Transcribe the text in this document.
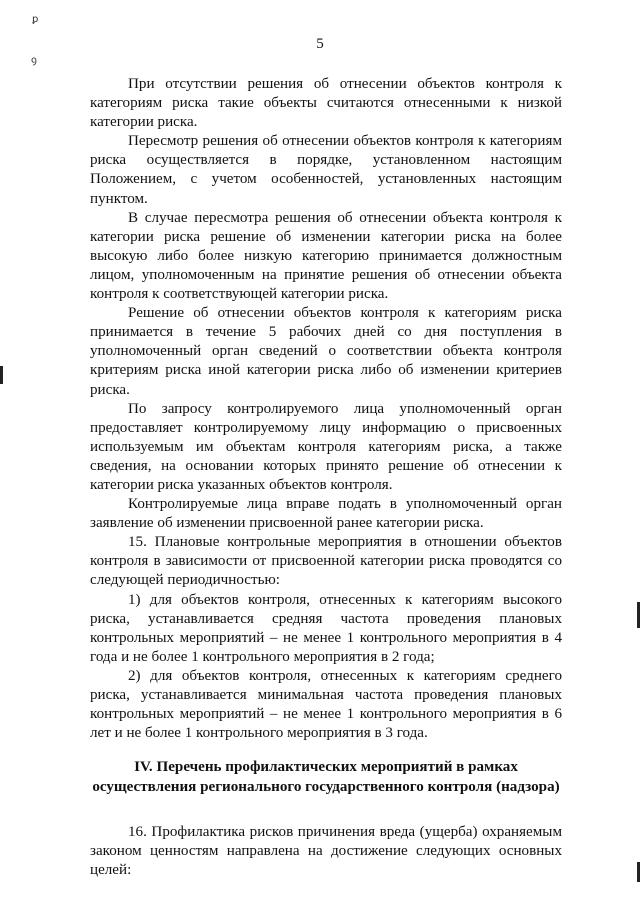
ꝑ
ꝯ
5

При отсутствии решения об отнесении объектов контроля к категориям риска такие объекты считаются отнесенными к низкой категории риска.

Пересмотр решения об отнесении объектов контроля к категориям риска осуществляется в порядке, установленном настоящим Положением, с учетом особенностей, установленных настоящим пунктом.

В случае пересмотра решения об отнесении объекта контроля к категории риска решение об изменении категории риска на более высокую либо более низкую категорию принимается должностным лицом, уполномоченным на принятие решения об отнесении объекта контроля к соответствующей категории риска.

Решение об отнесении объектов контроля к категориям риска принимается в течение 5 рабочих дней со дня поступления в уполномоченный орган сведений о соответствии объекта контроля критериям риска иной категории риска либо об изменении критериев риска.

По запросу контролируемого лица уполномоченный орган предоставляет контролируемому лицу информацию о присвоенных используемым им объектам контроля категориям риска, а также сведения, на основании которых принято решение об отнесении к категории риска указанных объектов контроля.

Контролируемые лица вправе подать в уполномоченный орган заявление об изменении присвоенной ранее категории риска.

15. Плановые контрольные мероприятия в отношении объектов контроля в зависимости от присвоенной категории риска проводятся со следующей периодичностью:

1) для объектов контроля, отнесенных к категориям высокого риска, устанавливается средняя частота проведения плановых контрольных мероприятий – не менее 1 контрольного мероприятия в 4 года и не более 1 контрольного мероприятия в 2 года;

2) для объектов контроля, отнесенных к категориям среднего риска, устанавливается минимальная частота проведения плановых контрольных мероприятий – не менее 1 контрольного мероприятия в 6 лет и не более 1 контрольного мероприятия в 3 года.

IV. Перечень профилактических мероприятий в рамках осуществления регионального государственного контроля (надзора)

16. Профилактика рисков причинения вреда (ущерба) охраняемым законом ценностям направлена на достижение следующих основных целей:
